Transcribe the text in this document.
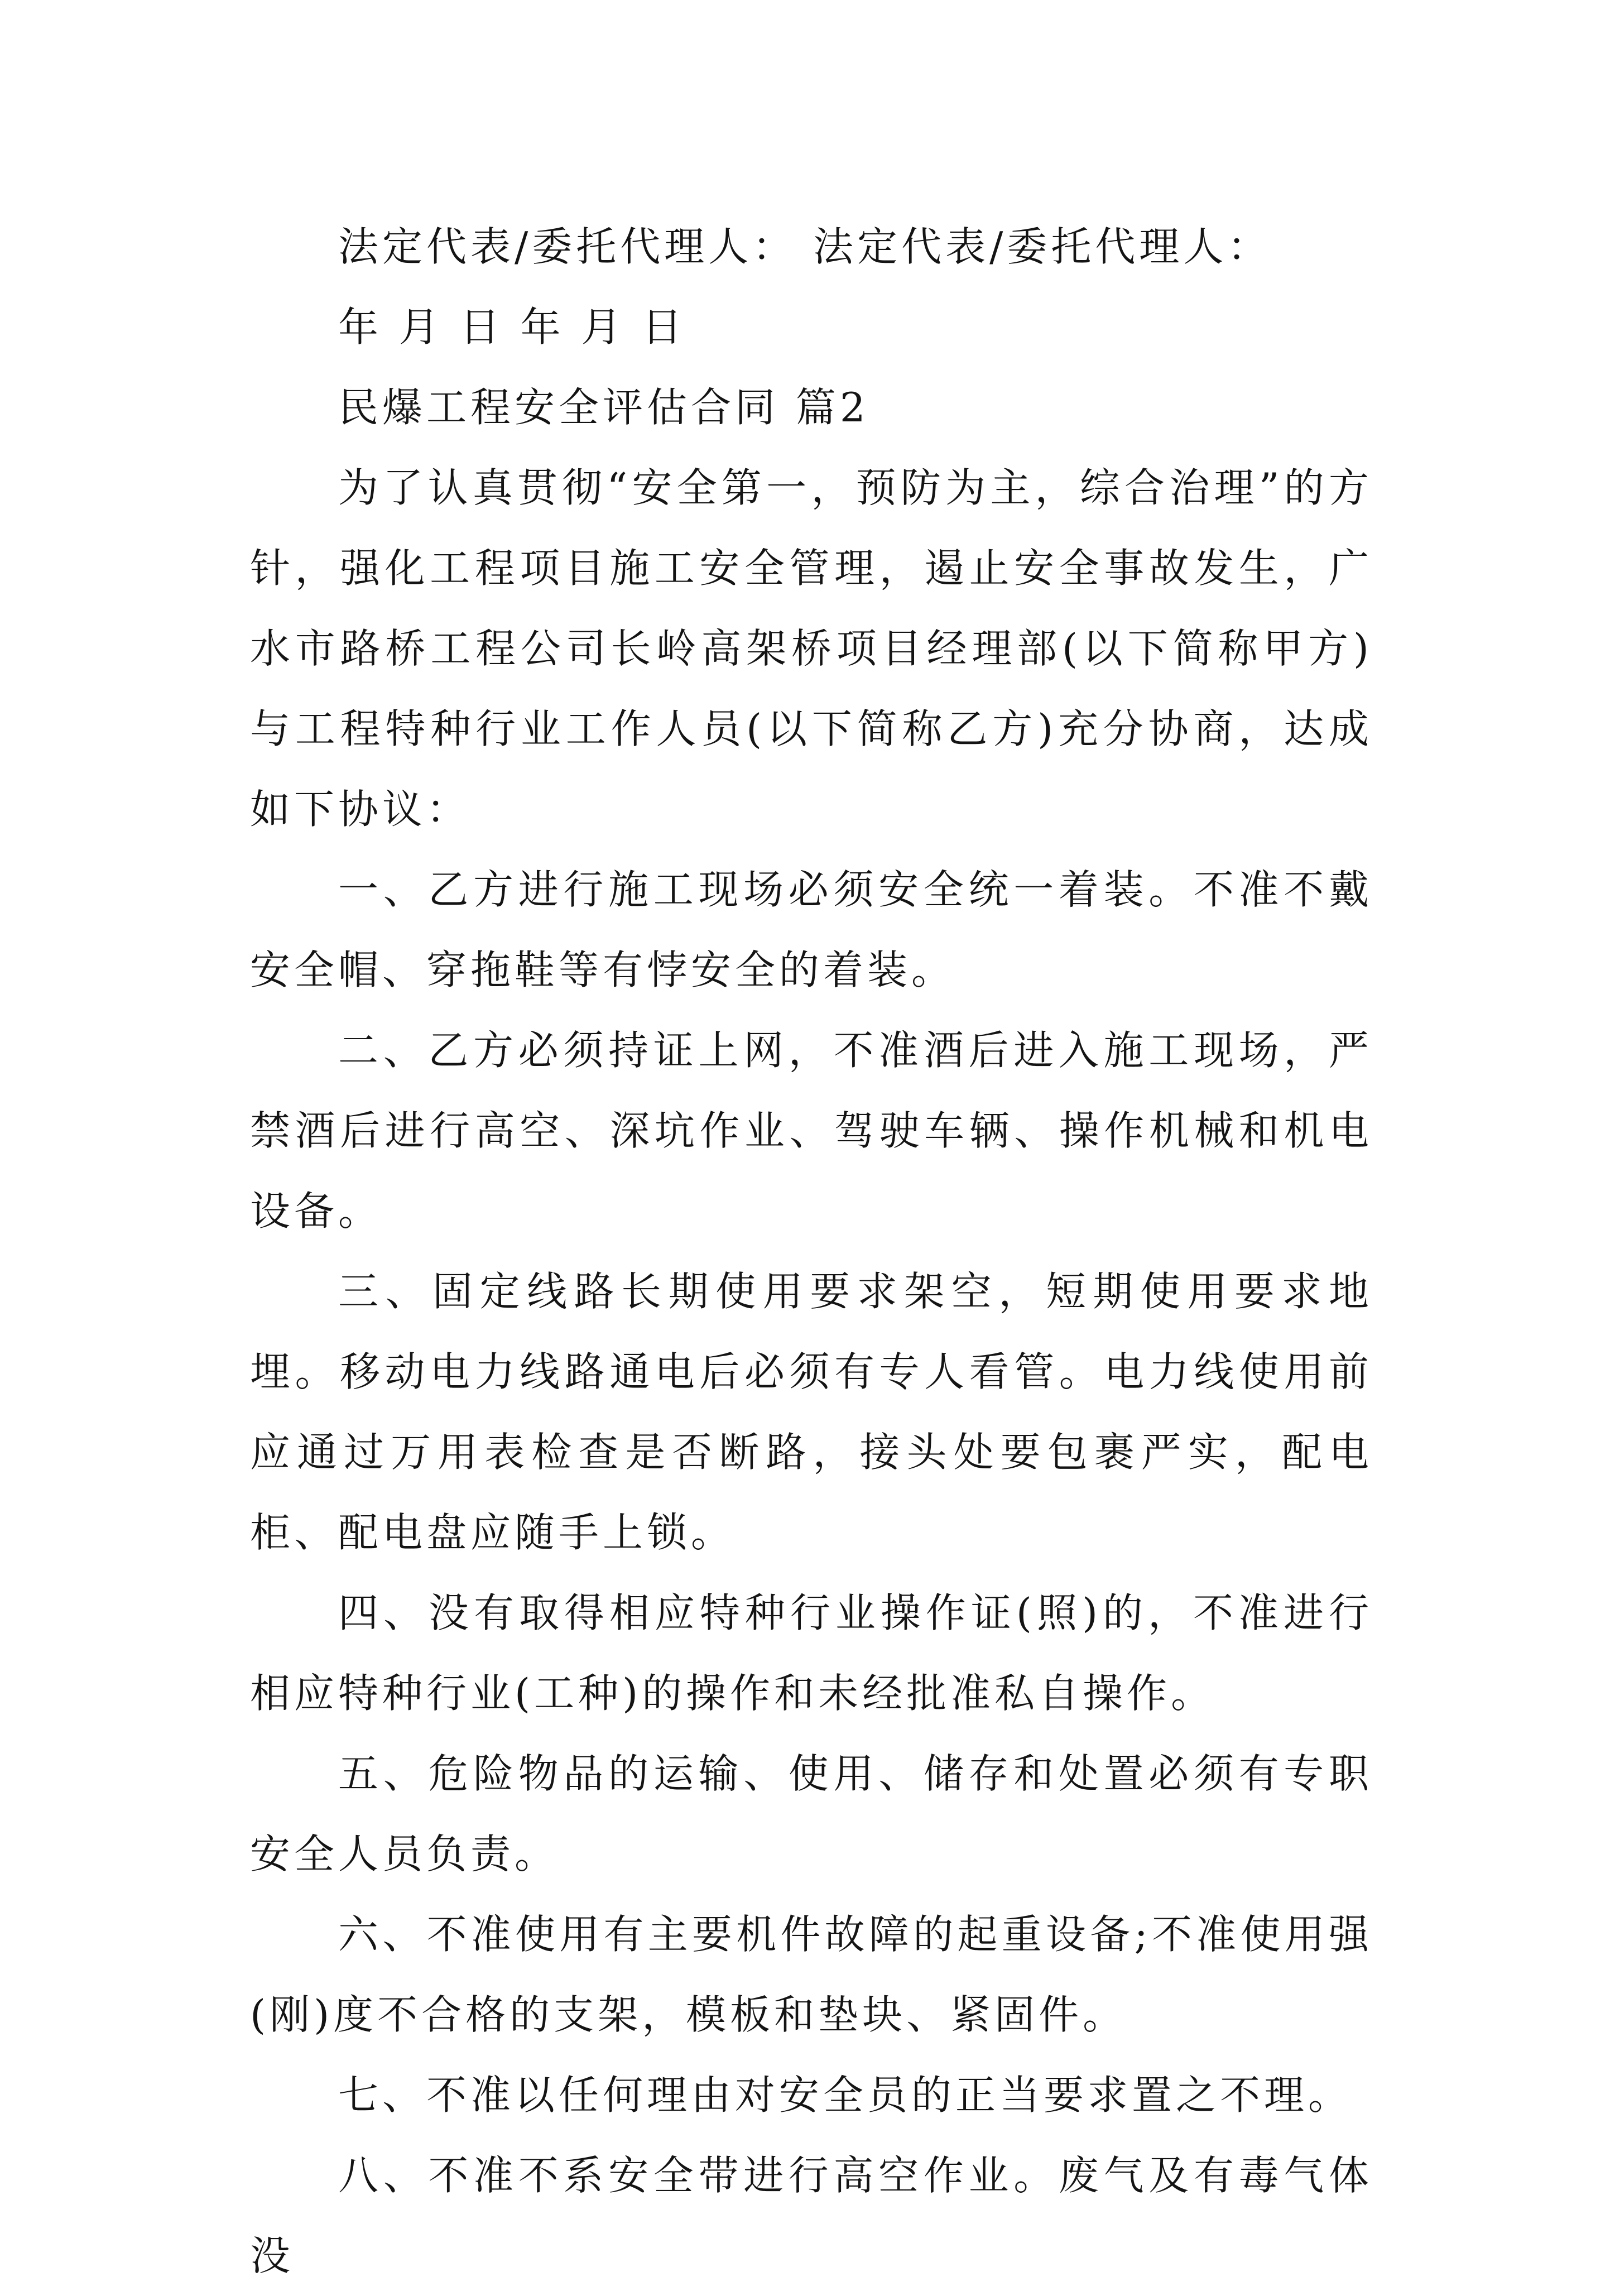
法定代表/委托代理人： 法定代表/委托代理人：
年 月 日 年 月 日
民爆工程安全评估合同 篇2

为了认真贯彻“安全第一，预防为主，综合治理”的方针，强化工程项目施工安全管理，遏止安全事故发生，广水市路桥工程公司长岭高架桥项目经理部(以下简称甲方)与工程特种行业工作人员(以下简称乙方)充分协商，达成如下协议：

一、乙方进行施工现场必须安全统一着装。不准不戴安全帽、穿拖鞋等有悖安全的着装。

二、乙方必须持证上网，不准酒后进入施工现场，严禁酒后进行高空、深坑作业、驾驶车辆、操作机械和机电设备。

三、固定线路长期使用要求架空，短期使用要求地埋。移动电力线路通电后必须有专人看管。电力线使用前应通过万用表检查是否断路，接头处要包裹严实，配电柜、配电盘应随手上锁。

四、没有取得相应特种行业操作证(照)的，不准进行相应特种行业(工种)的操作和未经批准私自操作。

五、危险物品的运输、使用、储存和处置必须有专职安全人员负责。

六、不准使用有主要机件故障的起重设备;不准使用强(刚)度不合格的支架，模板和垫块、紧固件。

七、不准以任何理由对安全员的正当要求置之不理。

八、不准不系安全带进行高空作业。废气及有毒气体没
